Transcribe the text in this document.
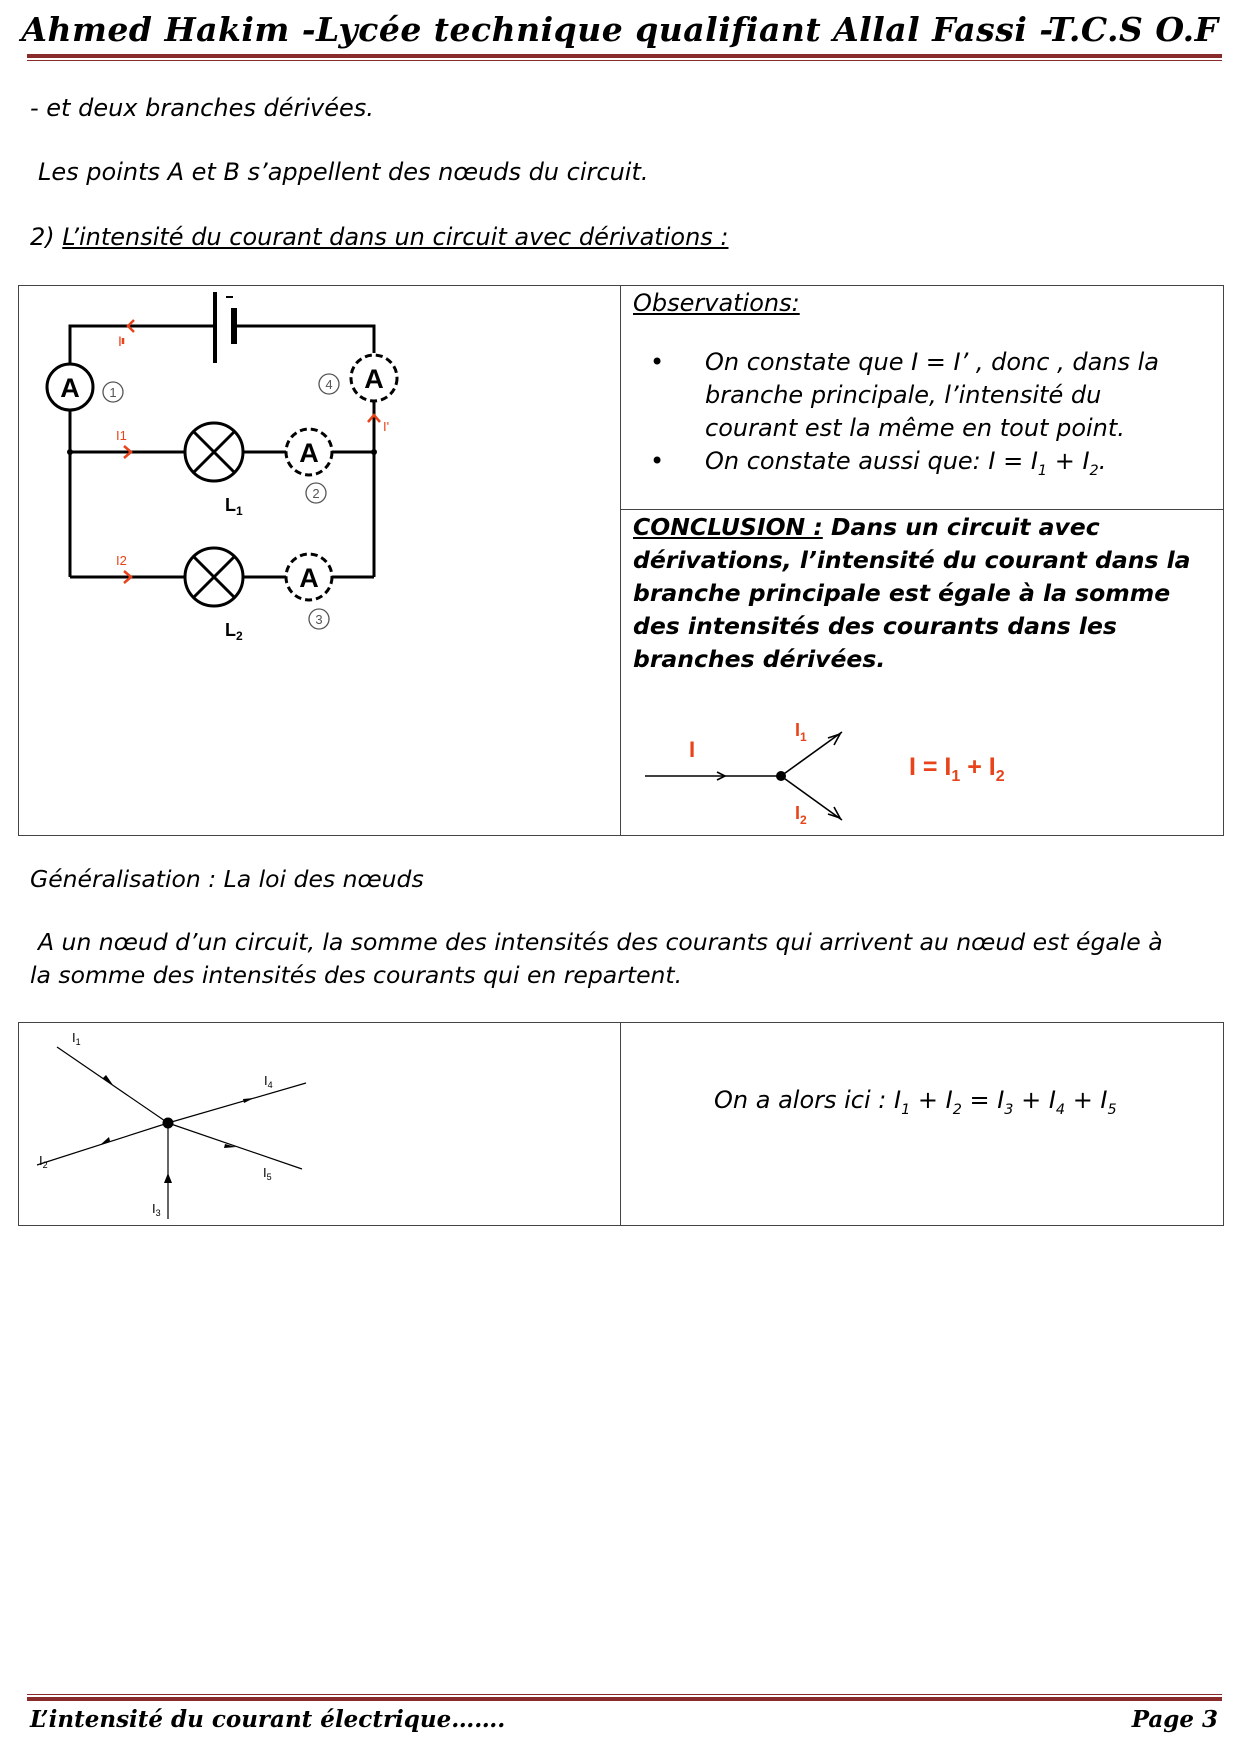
Ahmed Hakim -Lycée technique qualifiant Allal Fassi -T.C.S O.F
- et deux branches dérivées.
Les points A et B s’appellent des nœuds du circuit.
2) L’intensité du courant dans un circuit avec dérivations :
I
I1
I2
I'
A 1	A
4
$L_1$
A
2
$L_2$
A
3
Observations:
• On constate que I = I’ , donc , dans la branche principale, l’intensité du courant est la même en tout point.
• On constate aussi que: $I = I_1 + I_2$.
CONCLUSION : Dans un circuit avec dérivations, l’intensité du courant dans la branche principale est égale à la somme des intensités des courants dans les branches dérivées.
I
$I_1$
$I_2$
$I = I_1 + I_2$
Généralisation : La loi des nœuds
A un nœud d’un circuit, la somme des intensités des courants qui arrivent au nœud est égale à
la somme des intensités des courants qui en repartent.
$I_1$
$I_2$
$I_3$
$I_4$
$I_5$
On a alors ici : $I_1 + I_2 = I_3 + I_4 + I_5$
L’intensité du courant électrique…….	Page 3
